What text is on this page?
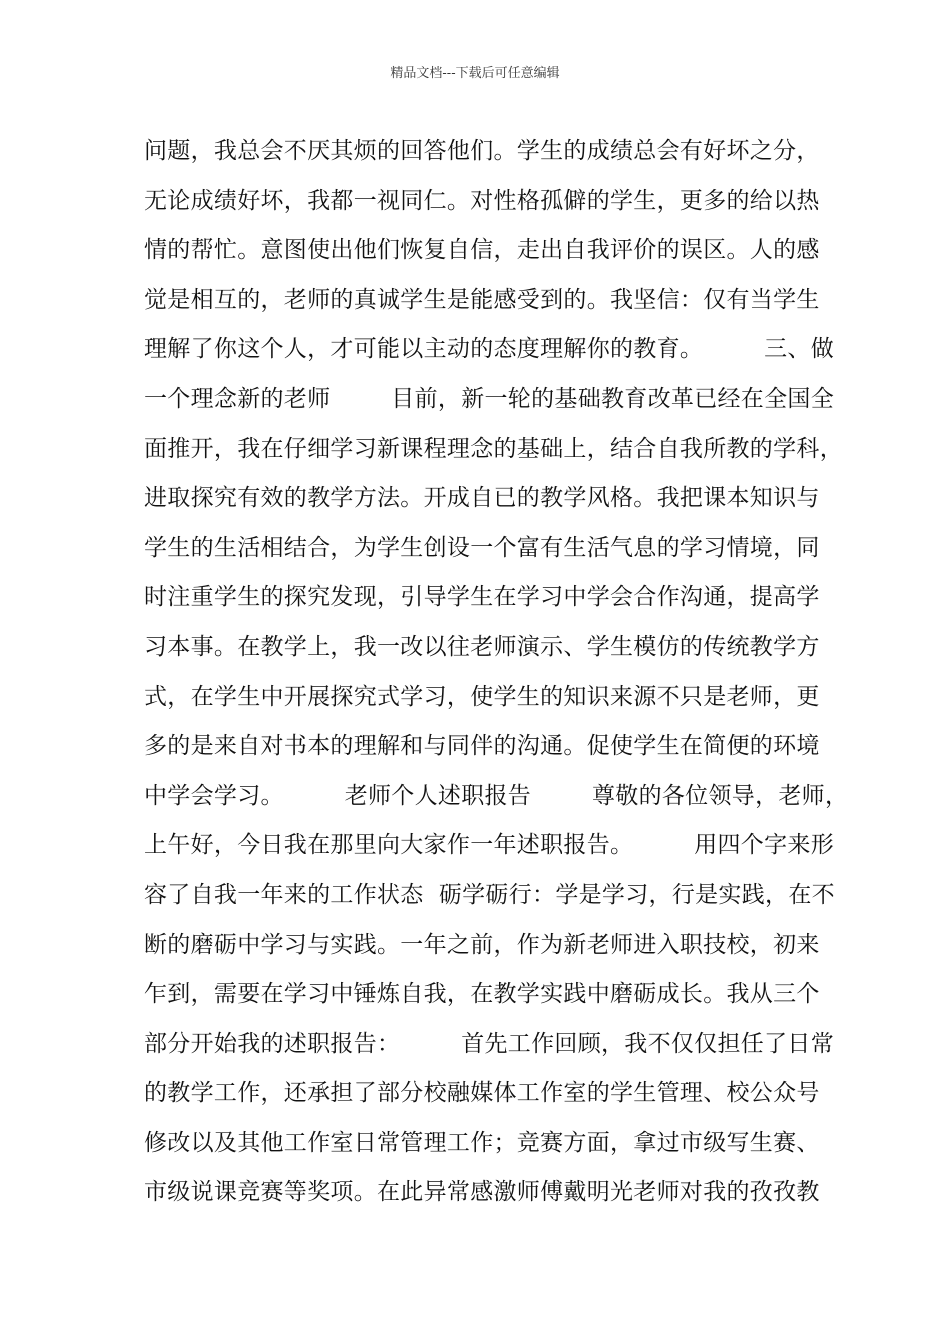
精品文档---下载后可任意编辑
问题，我总会不厌其烦的回答他们。学生的成绩总会有好坏之分，
无论成绩好坏，我都一视同仁。对性格孤僻的学生，更多的给以热
情的帮忙。意图使出他们恢复自信，走出自我评价的误区。人的感
觉是相互的，老师的真诚学生是能感受到的。我坚信：仅有当学生
理解了你这个人，才可能以主动的态度理解你的教育。        三、做
一个理念新的老师        目前，新一轮的基础教育改革已经在全国全
面推开，我在仔细学习新课程理念的基础上，结合自我所教的学科，
进取探究有效的教学方法。开成自已的教学风格。我把课本知识与
学生的生活相结合，为学生创设一个富有生活气息的学习情境，同
时注重学生的探究发现，引导学生在学习中学会合作沟通，提高学
习本事。在教学上，我一改以往老师演示、学生模仿的传统教学方
式，在学生中开展探究式学习，使学生的知识来源不只是老师，更
多的是来自对书本的理解和与同伴的沟通。促使学生在简便的环境
中学会学习。        老师个人述职报告        尊敬的各位领导，老师，
上午好，今日我在那里向大家作一年述职报告。        用四个字来形
容了自我一年来的工作状态  砺学砺行：学是学习，行是实践，在不
断的磨砺中学习与实践。一年之前，作为新老师进入职技校，初来
乍到，需要在学习中锤炼自我，在教学实践中磨砺成长。我从三个
部分开始我的述职报告：        首先工作回顾，我不仅仅担任了日常
的教学工作，还承担了部分校融媒体工作室的学生管理、校公众号
修改以及其他工作室日常管理工作；竞赛方面，拿过市级写生赛、
市级说课竞赛等奖项。在此异常感激师傅戴明光老师对我的孜孜教
